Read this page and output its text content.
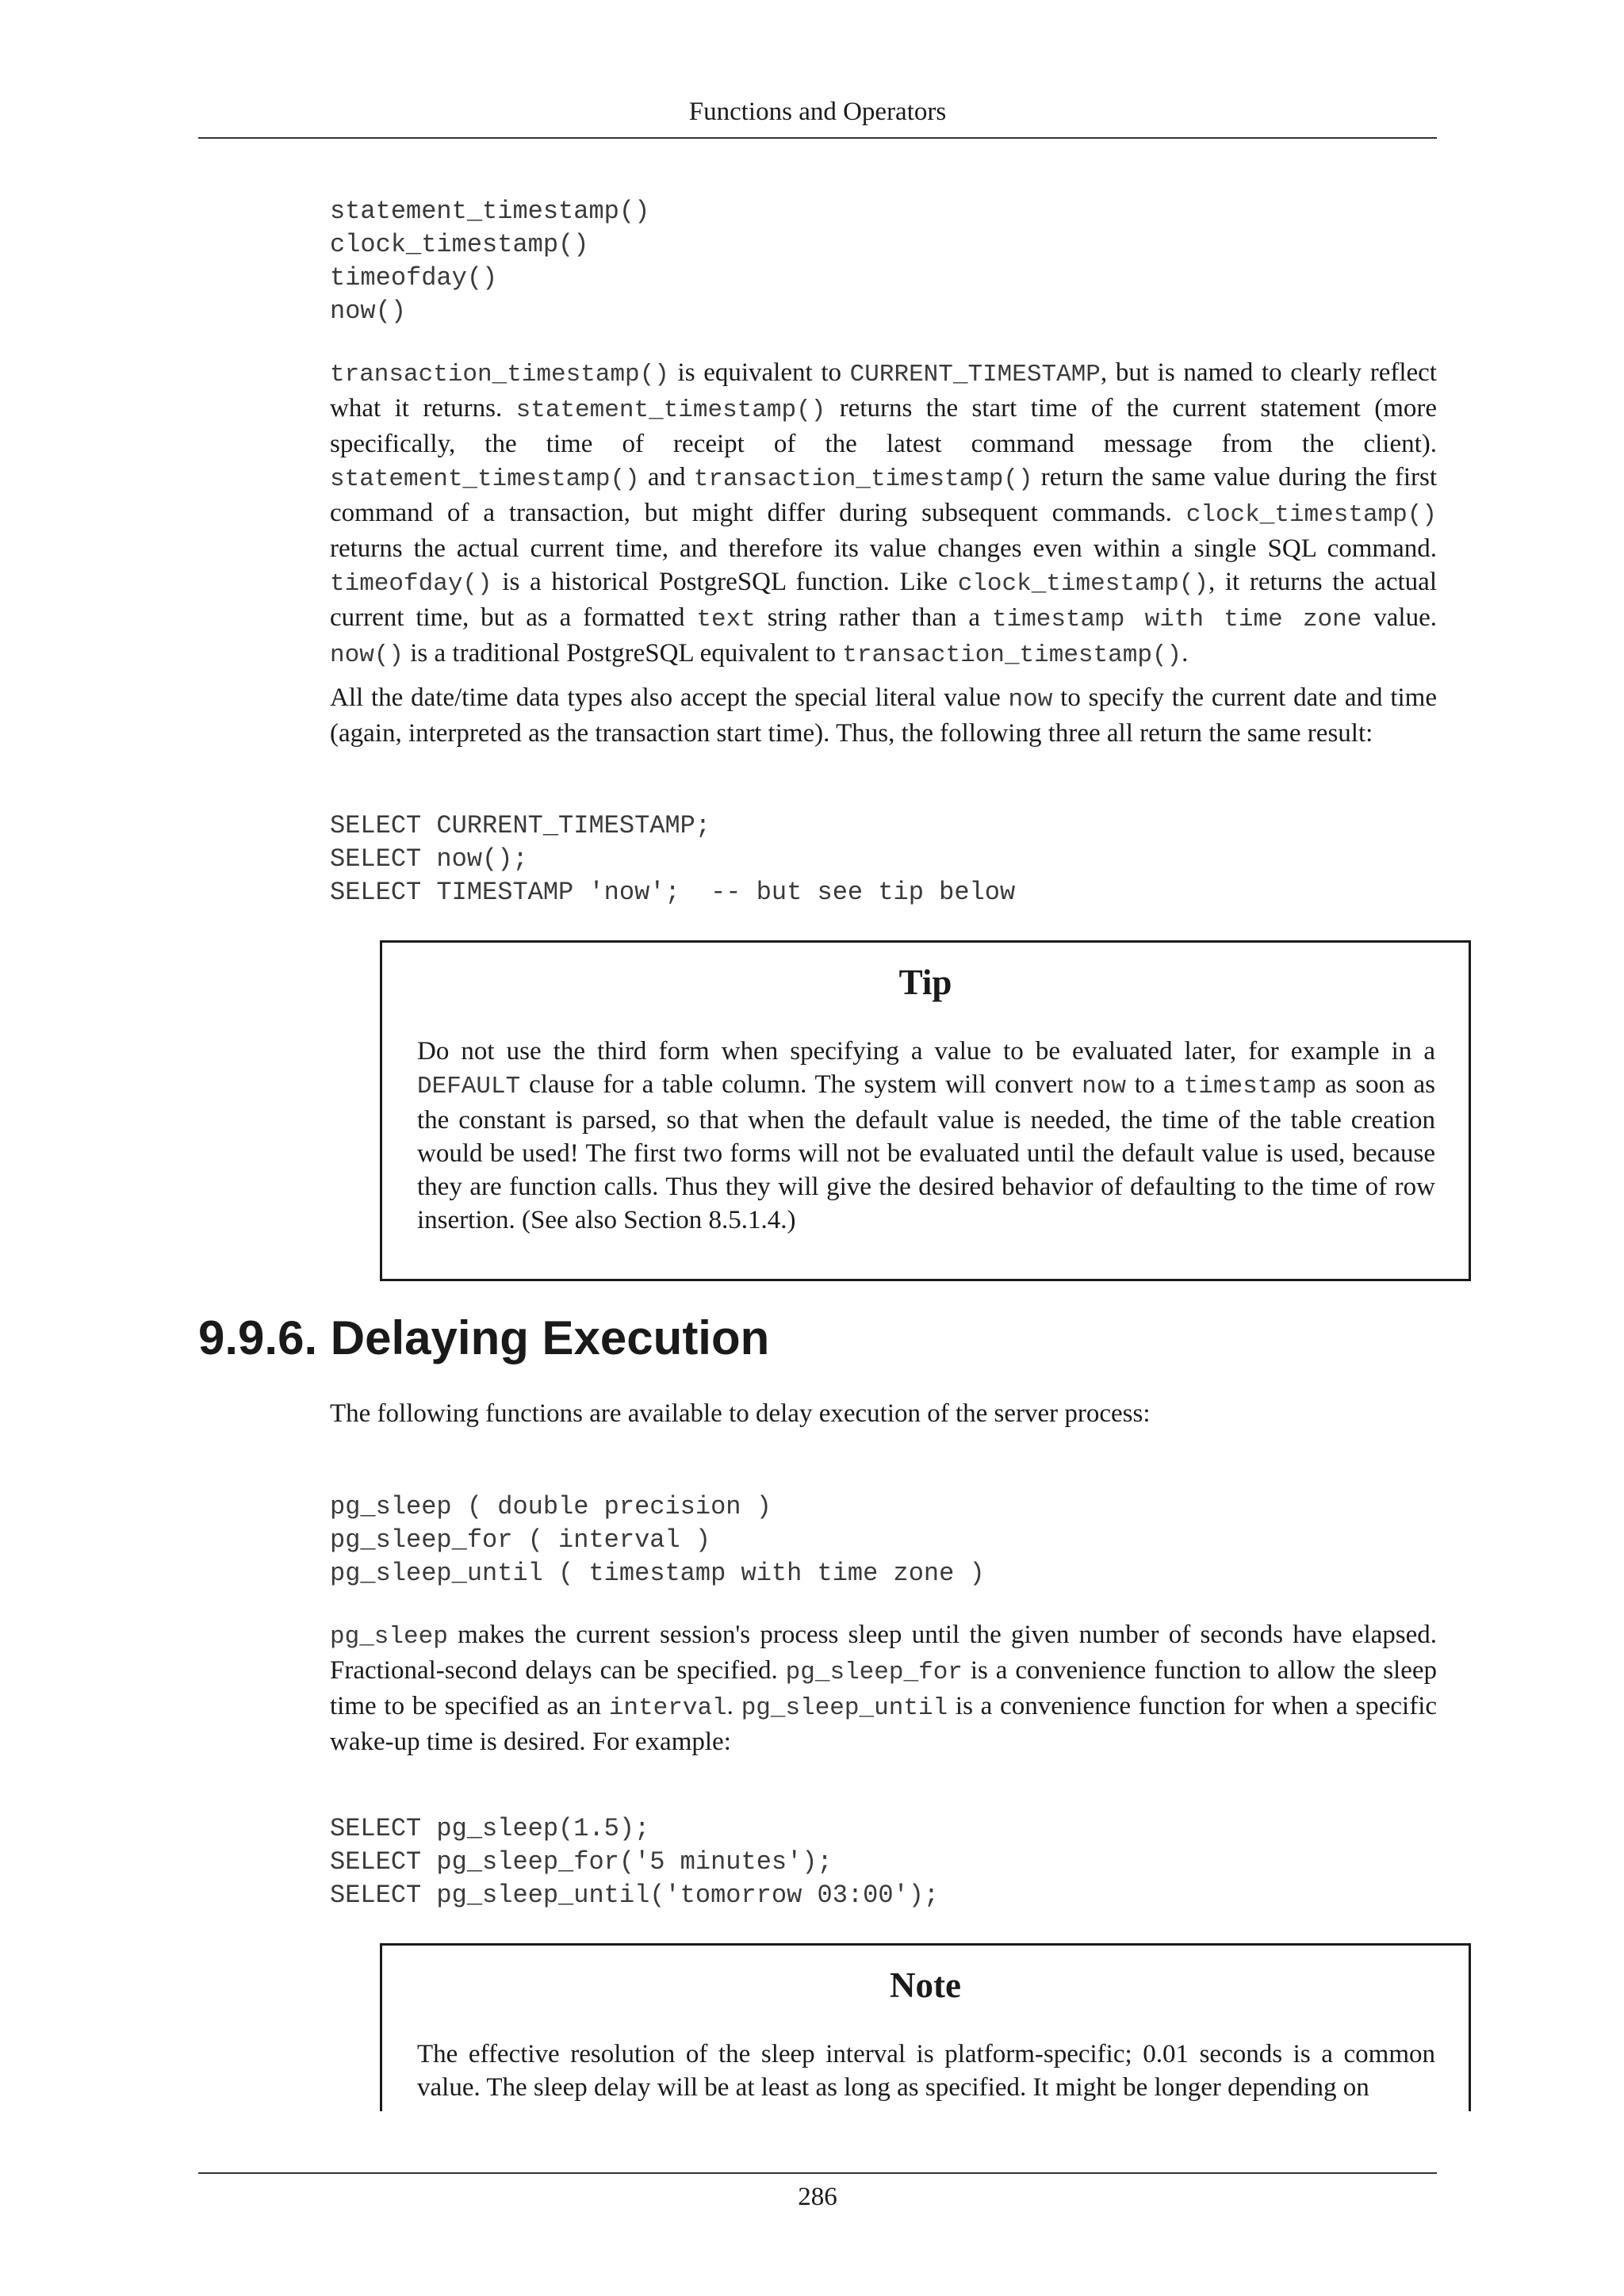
Functions and Operators
statement_timestamp()
clock_timestamp()
timeofday()
now()

transaction_timestamp() is equivalent to CURRENT_TIMESTAMP, but is named to clearly reflect what it returns. statement_timestamp() returns the start time of the current statement (more specifically, the time of receipt of the latest command message from the client). statement_timestamp() and transaction_timestamp() return the same value during the first command of a transaction, but might differ during subsequent commands. clock_timestamp() returns the actual current time, and therefore its value changes even within a single SQL command. timeofday() is a historical PostgreSQL function. Like clock_timestamp(), it returns the actual current time, but as a formatted text string rather than a timestamp with time zone value. now() is a traditional PostgreSQL equivalent to transaction_timestamp().

All the date/time data types also accept the special literal value now to specify the current date and time (again, interpreted as the transaction start time). Thus, the following three all return the same result:

SELECT CURRENT_TIMESTAMP;
SELECT now();
SELECT TIMESTAMP 'now';  -- but see tip below
Tip

Do not use the third form when specifying a value to be evaluated later, for example in a DEFAULT clause for a table column. The system will convert now to a timestamp as soon as the constant is parsed, so that when the default value is needed, the time of the table creation would be used! The first two forms will not be evaluated until the default value is used, because they are function calls. Thus they will give the desired behavior of defaulting to the time of row insertion. (See also Section 8.5.1.4.)

9.9.6. Delaying Execution

The following functions are available to delay execution of the server process:

pg_sleep ( double precision )
pg_sleep_for ( interval )
pg_sleep_until ( timestamp with time zone )

pg_sleep makes the current session's process sleep until the given number of seconds have elapsed. Fractional-second delays can be specified. pg_sleep_for is a convenience function to allow the sleep time to be specified as an interval. pg_sleep_until is a convenience function for when a specific wake-up time is desired. For example:

SELECT pg_sleep(1.5);
SELECT pg_sleep_for('5 minutes');
SELECT pg_sleep_until('tomorrow 03:00');
Note

The effective resolution of the sleep interval is platform-specific; 0.01 seconds is a common value. The sleep delay will be at least as long as specified. It might be longer depending on

286
